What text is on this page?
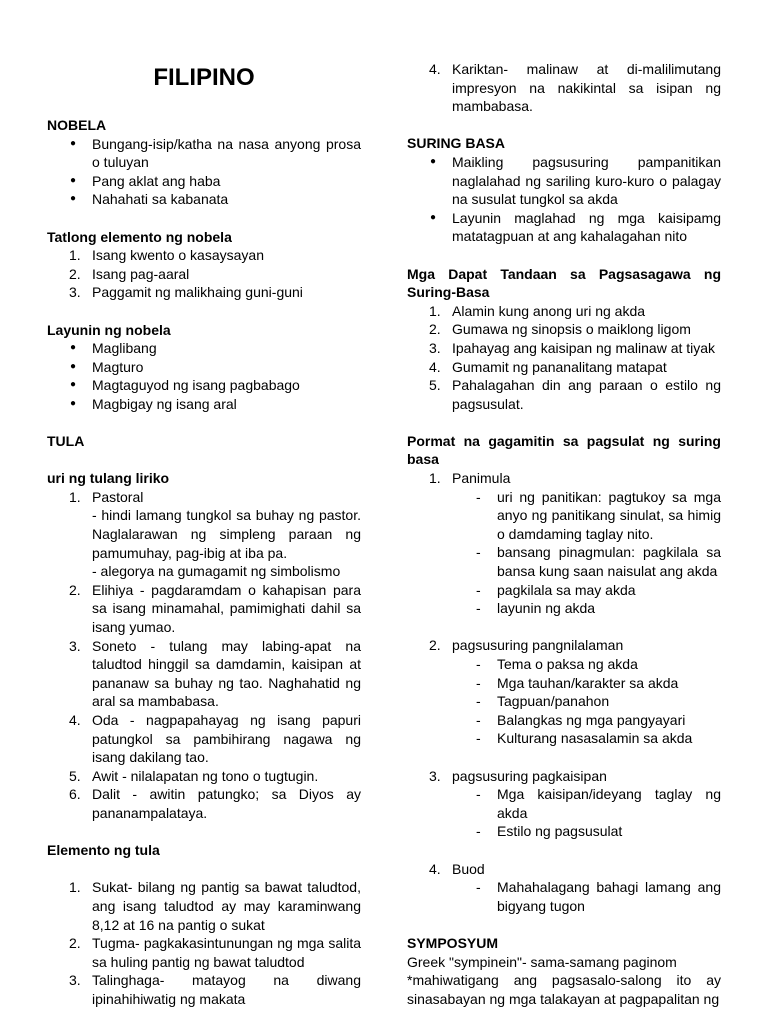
FILIPINO

NOBELA

● Bungang-isip/katha na nasa anyong prosa o tuluyan
● Pang aklat ang haba
● Nahahati sa kabanata

Tatlong elemento ng nobela

1. Isang kwento o kasaysayan
2. Isang pag-aaral
3. Paggamit ng malikhaing guni-guni

Layunin ng nobela

● Maglibang
● Magturo
● Magtaguyod ng isang pagbabago
● Magbigay ng isang aral

TULA

uri ng tulang liriko

1. Pastoral
- hindi lamang tungkol sa buhay ng pastor. Naglalarawan ng simpleng paraan ng pamumuhay, pag-ibig at iba pa.
- alegorya na gumagamit ng simbolismo
2. Elihiya - pagdaramdam o kahapisan para sa isang minamahal, pamimighati dahil sa isang yumao.
3. Soneto - tulang may labing-apat na taludtod hinggil sa damdamin, kaisipan at pananaw sa buhay ng tao. Naghahatid ng aral sa mambabasa.
4. Oda - nagpapahayag ng isang papuri patungkol sa pambihirang nagawa ng isang dakilang tao.
5. Awit - nilalapatan ng tono o tugtugin.
6. Dalit - awitin patungko; sa Diyos ay pananampalataya.

Elemento ng tula

1. Sukat- bilang ng pantig sa bawat taludtod, ang isang taludtod ay may karaminwang 8,12 at 16 na pantig o sukat
2. Tugma- pagkakasintunungan ng mga salita sa huling pantig ng bawat taludtod
3. Talinghaga- matayog na diwang ipinahihiwatig ng makata
4. Kariktan- malinaw at di-malilimutang impresyon na nakikintal sa isipan ng mambabasa.

SURING BASA

● Maikling pagsusuring pampanitikan naglalahad ng sariling kuro-kuro o palagay na susulat tungkol sa akda
● Layunin maglahad ng mga kaisipamg matatagpuan at ang kahalagahan nito

Mga Dapat Tandaan sa Pagsasagawa ng Suring-Basa

1. Alamin kung anong uri ng akda
2. Gumawa ng sinopsis o maiklong ligom
3. Ipahayag ang kaisipan ng malinaw at tiyak
4. Gumamit ng pananalitang matapat
5. Pahalagahan din ang paraan o estilo ng pagsusulat.

Pormat na gagamitin sa pagsulat ng suring basa

1. Panimula
- uri ng panitikan: pagtukoy sa mga anyo ng panitikang sinulat, sa himig o damdaming taglay nito.
- bansang pinagmulan: pagkilala sa bansa kung saan naisulat ang akda
- pagkilala sa may akda
- layunin ng akda
2. pagsusuring pangnilalaman
- Tema o paksa ng akda
- Mga tauhan/karakter sa akda
- Tagpuan/panahon
- Balangkas ng mga pangyayari
- Kulturang nasasalamin sa akda
3. pagsusuring pagkaisipan
- Mga kaisipan/ideyang taglay ng akda
- Estilo ng pagsusulat
4. Buod
- Mahahalagang bahagi lamang ang bigyang tugon

SYMPOSYUM

Greek "sympinein"- sama-samang paginom

*mahiwatigang ang pagsasalo-salong ito ay sinasabayan ng mga talakayan at pagpapalitan ng
